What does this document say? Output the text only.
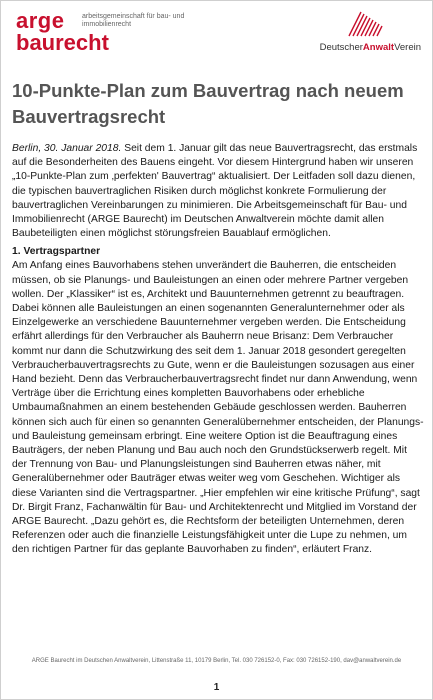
arge	arbeitsgemeinschaft für bau- und immobilienrecht
baurecht	DeutscherAnwaltVerein
10-Punkte-Plan zum Bauvertrag nach neuem Bauvertragsrecht

Berlin, 30. Januar 2018. Seit dem 1. Januar gilt das neue Bauvertragsrecht, das erstmals auf die Besonderheiten des Bauens eingeht. Vor diesem Hintergrund haben wir unseren „10-Punkte-Plan zum ‚perfekten' Bauvertrag“ aktualisiert. Der Leitfaden soll dazu dienen, die typischen bauvertraglichen Risiken durch möglichst konkrete Formulierung der bauvertraglichen Vereinbarungen zu minimieren. Die Arbeitsgemeinschaft für Bau- und Immobilienrecht (ARGE Baurecht) im Deutschen Anwaltverein möchte damit allen Baubeteiligten einen möglichst störungsfreien Bauablauf ermöglichen.

1. Vertragspartner

Am Anfang eines Bauvorhabens stehen unverändert die Bauherren, die entscheiden müssen, ob sie Planungs- und Bauleistungen an einen oder mehrere Partner vergeben wollen. Der „Klassiker“ ist es, Architekt und Bauunternehmen getrennt zu beauftragen. Dabei können alle Bauleistungen an einen sogenannten Generalunternehmer oder als Einzelgewerke an verschiedene Bauunternehmer vergeben werden. Die Entscheidung erfährt allerdings für den Verbraucher als Bauherrn neue Brisanz: Dem Verbraucher kommt nur dann die Schutzwirkung des seit dem 1. Januar 2018 gesondert geregelten Verbraucherbauvertragsrechts zu Gute, wenn er die Bauleistungen sozusagen aus einer Hand bezieht. Denn das Verbraucherbauvertragsrecht findet nur dann Anwendung, wenn Verträge über die Errichtung eines kompletten Bauvorhabens oder erhebliche Umbaumaßnahmen an einem bestehenden Gebäude geschlossen werden. Bauherren können sich auch für einen so genannten Generalübernehmer entscheiden, der Planungs- und Bauleistung gemeinsam erbringt. Eine weitere Option ist die Beauftragung eines Bauträgers, der neben Planung und Bau auch noch den Grundstückserwerb regelt. Mit der Trennung von Bau- und Planungsleistungen sind Bauherren etwas näher, mit Generalübernehmer oder Bauträger etwas weiter weg vom Geschehen. Wichtiger als diese Varianten sind die Vertragspartner. „Hier empfehlen wir eine kritische Prüfung“, sagt Dr. Birgit Franz, Fachanwältin für Bau- und Architektenrecht und Mitglied im Vorstand der ARGE Baurecht. „Dazu gehört es, die Rechtsform der beteiligten Unternehmen, deren Referenzen oder auch die finanzielle Leistungsfähigkeit unter die Lupe zu nehmen, um den richtigen Partner für das geplante Bauvorhaben zu finden“, erläutert Franz.

ARGE Baurecht im Deutschen Anwaltverein, Littenstraße 11, 10179 Berlin, Tel. 030 726152-0, Fax: 030 726152-190, dav@anwaltverein.de
1
